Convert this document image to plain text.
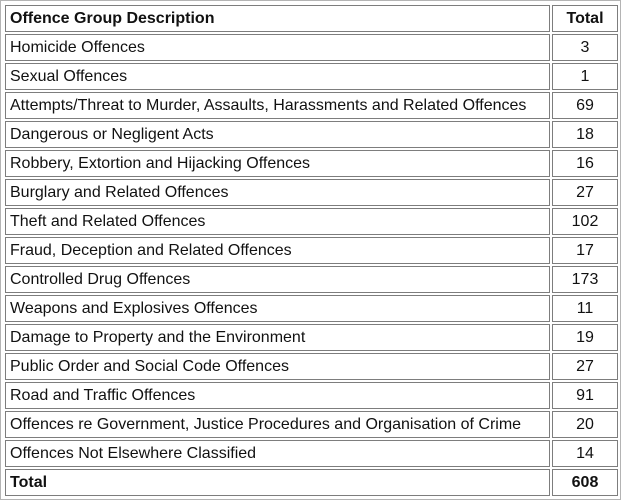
Offence Group Description	Total
Homicide Offences	3
Sexual Offences	1
Attempts/Threat to Murder, Assaults, Harassments and Related Offences	69
Dangerous or Negligent Acts	18
Robbery, Extortion and Hijacking Offences	16
Burglary and Related Offences	27
Theft and Related Offences	102
Fraud, Deception and Related Offences	17
Controlled Drug Offences	173
Weapons and Explosives Offences	11
Damage to Property and the Environment	19
Public Order and Social Code Offences	27
Road and Traffic Offences	91
Offences re Government, Justice Procedures and Organisation of Crime	20
Offences Not Elsewhere Classified	14
Total	608
